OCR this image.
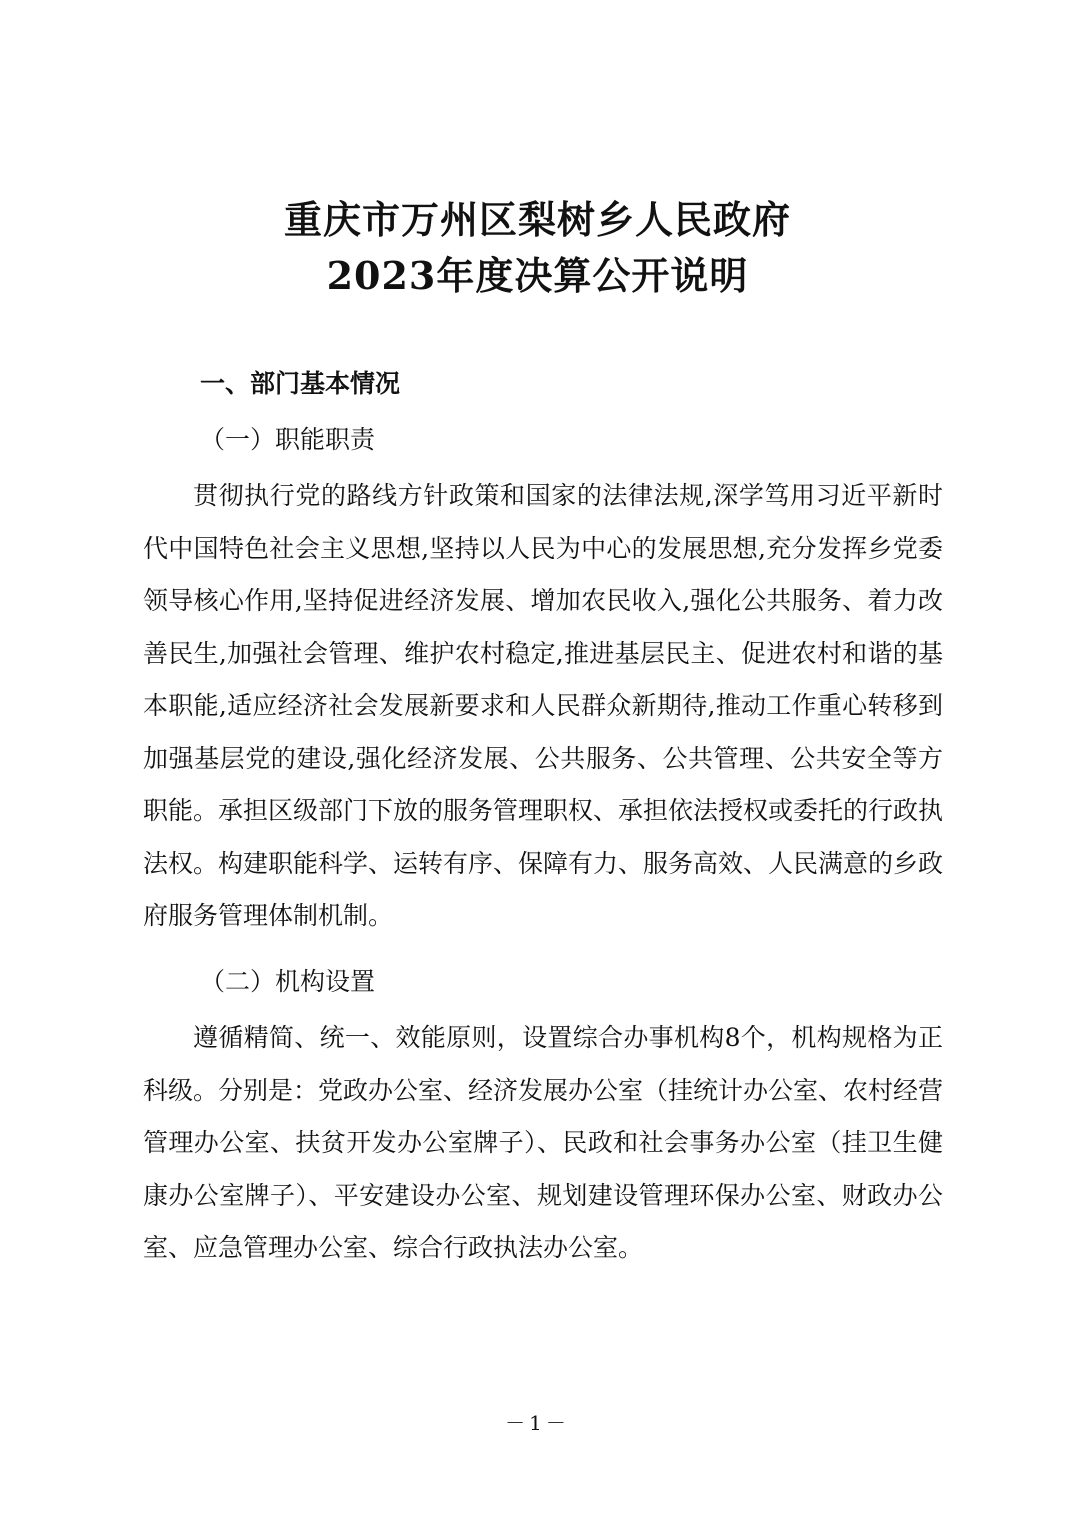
重庆市万州区梨树乡人民政府
2023年度决算公开说明
一、部门基本情况
（一）职能职责

贯彻执行党的路线方针政策和国家的法律法规,深学笃用习近平新时代中国特色社会主义思想,坚持以人民为中心的发展思想,充分发挥乡党委领导核心作用,坚持促进经济发展、增加农民收入,强化公共服务、着力改善民生,加强社会管理、维护农村稳定,推进基层民主、促进农村和谐的基本职能,适应经济社会发展新要求和人民群众新期待,推动工作重心转移到加强基层党的建设,强化经济发展、公共服务、公共管理、公共安全等方职能。承担区级部门下放的服务管理职权、承担依法授权或委托的行政执法权。构建职能科学、运转有序、保障有力、服务高效、人民满意的乡政府服务管理体制机制。

（二）机构设置

遵循精简、统一、效能原则，设置综合办事机构8个，机构规格为正科级。分别是：党政办公室、经济发展办公室（挂统计办公室、农村经营管理办公室、扶贫开发办公室牌子）、民政和社会事务办公室（挂卫生健康办公室牌子）、平安建设办公室、规划建设管理环保办公室、财政办公室、应急管理办公室、综合行政执法办公室。

－1－
